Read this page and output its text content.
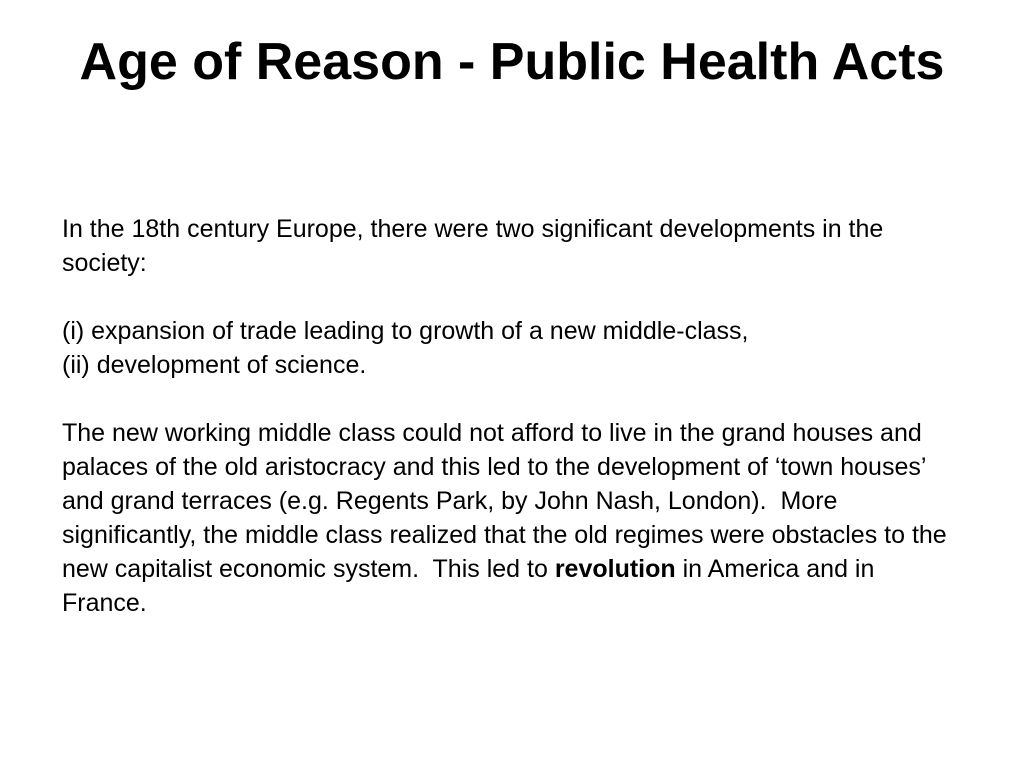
Age of Reason - Public Health Acts

In the 18th century Europe, there were two significant developments in the society:

(i) expansion of trade leading to growth of a new middle-class,

(ii) development of science.

The new working middle class could not afford to live in the grand houses and palaces of the old aristocracy and this led to the development of ‘town houses’ and grand terraces (e.g. Regents Park, by John Nash, London).  More significantly, the middle class realized that the old regimes were obstacles to the new capitalist economic system.  This led to revolution in America and in France.
